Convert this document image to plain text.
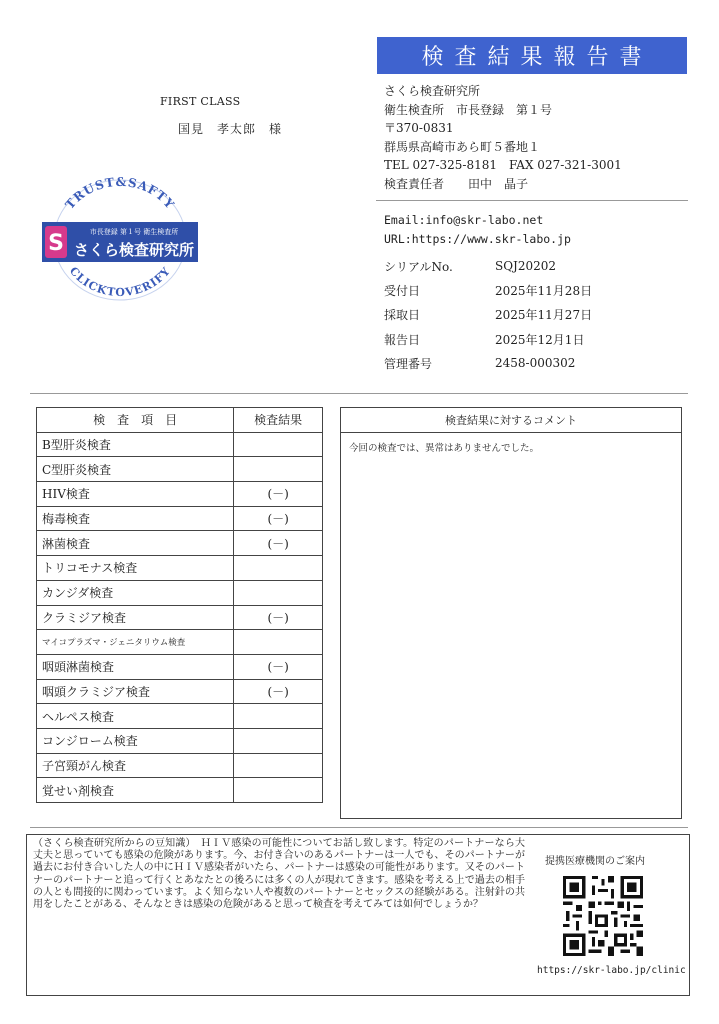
検査結果報告書
FIRST CLASS
国見　孝太郎　様
TRUST&SAFTY
CLICKTOVERIFY
S	市長登録 第１号 衛生検査所
さくら検査研究所
さくら検査研究所
衛生検査所　市長登録　第１号
〒370-0831
群馬県高崎市あら町５番地１
TEL 027-325-8181　FAX 027-321-3001
検査責任者　　田中　晶子
Email:info@skr-labo.net
URL:https://www.skr-labo.jp
シリアルNo.	SQJ20202
受付日	2025年11月28日
採取日	2025年11月27日
報告日	2025年12月1日
管理番号	2458-000302
検　査　項　目	検査結果
B型肝炎検査	
C型肝炎検査	
HIV検査	(－)
梅毒検査	(－)
淋菌検査	(－)
トリコモナス検査	
カンジダ検査	
クラミジア検査	(－)
マイコプラズマ・ジェニタリウム検査	
咽頭淋菌検査	(－)
咽頭クラミジア検査	(－)
ヘルペス検査	
コンジローム検査	
子宮頸がん検査	
覚せい剤検査	
検査結果に対するコメント
今回の検査では、異常はありませんでした。
（さくら検査研究所からの豆知識）　ＨＩＶ感染の可能性についてお話し致します。特定のパートナーなら大丈夫と思っていても感染の危険があります。今、お付き合いのあるパートナーは一人でも、そのパートナーが過去にお付き合いした人の中にＨＩＶ感染者がいたら、パートナーは感染の可能性があります。又そのパートナーのパートナーと追って行くとあなたとの後ろには多くの人が現れてきます。感染を考える上で過去の相手の人とも間接的に関わっています。よく知らない人や複数のパートナーとセックスの経験がある。注射針の共用をしたことがある、そんなときは感染の危険があると思って検査を考えてみては如何でしょうか？
提携医療機関のご案内
https://skr-labo.jp/clinic
